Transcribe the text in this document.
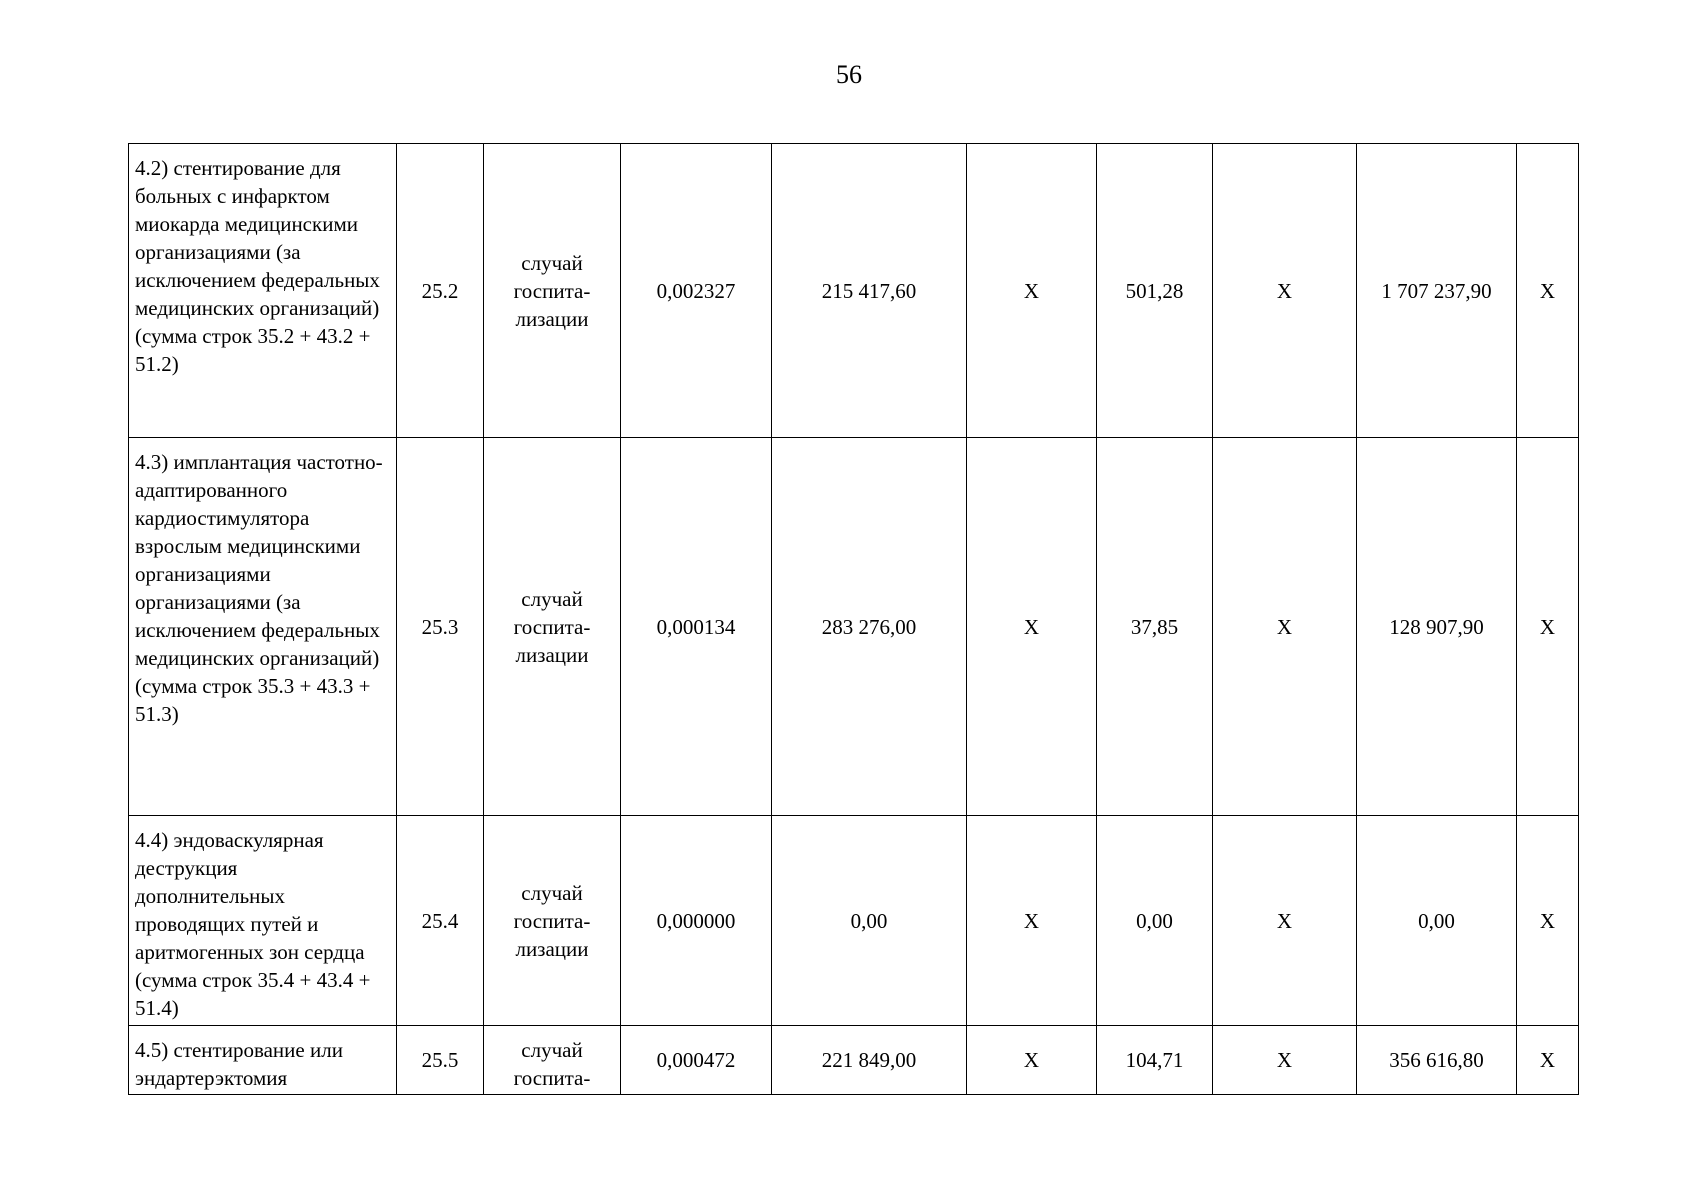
56
4.2) стентирование для больных с инфарктом миокарда медицинскими организациями (за исключением федеральных медицинских организаций) (сумма строк 35.2 + 43.2 + 51.2)	25.2	случай
госпита-
лизации	0,002327	215 417,60	X	501,28	X	1 707 237,90	X
4.3) имплантация частотно-адаптированного кардиостимулятора взрослым медицинскими организациями организациями (за исключением федеральных медицинских организаций) (сумма строк 35.3 + 43.3 + 51.3)	25.3	случай
госпита-
лизации	0,000134	283 276,00	X	37,85	X	128 907,90	X
4.4) эндоваскулярная деструкция дополнительных проводящих путей и аритмогенных зон сердца (сумма строк 35.4 + 43.4 + 51.4)	25.4	случай
госпита-
лизации	0,000000	0,00	X	0,00	X	0,00	X
4.5) стентирование или эндартерэктомия	25.5	случай
госпита-	0,000472	221 849,00	X	104,71	X	356 616,80	X
